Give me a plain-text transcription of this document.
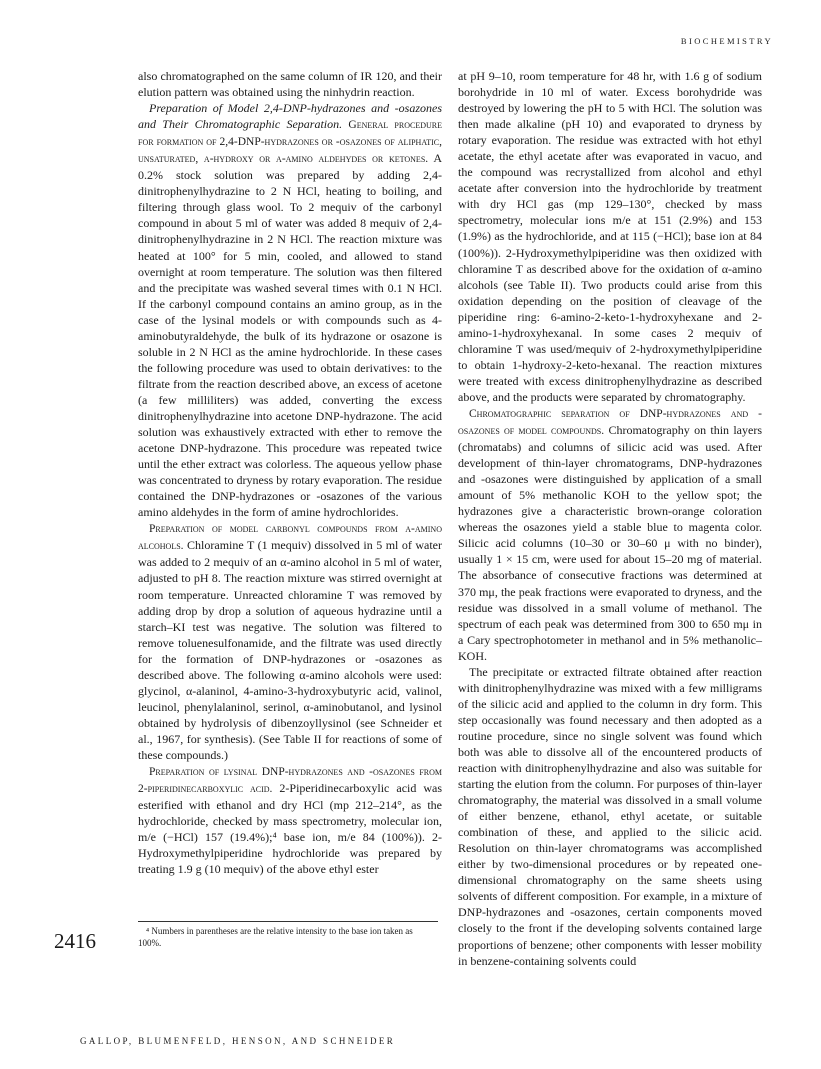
BIOCHEMISTRY

also chromatographed on the same column of IR 120, and their elution pattern was obtained using the ninhydrin reaction.

Preparation of Model 2,4-DNP-hydrazones and -osazones and Their Chromatographic Separation. General procedure for formation of 2,4-DNP-hydrazones or -osazones of aliphatic, unsaturated, α-hydroxy or α-amino aldehydes or ketones. A 0.2% stock solution was prepared by adding 2,4-dinitrophenylhydrazine to 2 N HCl, heating to boiling, and filtering through glass wool. To 2 mequiv of the carbonyl compound in about 5 ml of water was added 8 mequiv of 2,4-dinitrophenylhydrazine in 2 N HCl. The reaction mixture was heated at 100° for 5 min, cooled, and allowed to stand overnight at room temperature. The solution was then filtered and the precipitate was washed several times with 0.1 N HCl. If the carbonyl compound contains an amino group, as in the case of the lysinal models or with compounds such as 4-aminobutyraldehyde, the bulk of its hydrazone or osazone is soluble in 2 N HCl as the amine hydrochloride. In these cases the following procedure was used to obtain derivatives: to the filtrate from the reaction described above, an excess of acetone (a few milliliters) was added, converting the excess dinitrophenylhydrazine into acetone DNP-hydrazone. The acid solution was exhaustively extracted with ether to remove the acetone DNP-hydrazone. This procedure was repeated twice until the ether extract was colorless. The aqueous yellow phase was concentrated to dryness by rotary evaporation. The residue contained the DNP-hydrazones or -osazones of the various amino aldehydes in the form of amine hydrochlorides.

Preparation of model carbonyl compounds from α-amino alcohols. Chloramine T (1 mequiv) dissolved in 5 ml of water was added to 2 mequiv of an α-amino alcohol in 5 ml of water, adjusted to pH 8. The reaction mixture was stirred overnight at room temperature. Unreacted chloramine T was removed by adding drop by drop a solution of aqueous hydrazine until a starch–KI test was negative. The solution was filtered to remove toluenesulfonamide, and the filtrate was used directly for the formation of DNP-hydrazones or -osazones as described above. The following α-amino alcohols were used: glycinol, α-alaninol, 4-amino-3-hydroxybutyric acid, valinol, leucinol, phenylalaninol, serinol, α-aminobutanol, and lysinol obtained by hydrolysis of dibenzoyllysinol (see Schneider et al., 1967, for synthesis). (See Table II for reactions of some of these compounds.)

Preparation of lysinal DNP-hydrazones and -osazones from 2-piperidinecarboxylic acid. 2-Piperidinecarboxylic acid was esterified with ethanol and dry HCl (mp 212–214°, as the hydrochloride, checked by mass spectrometry, molecular ion, m/e (−HCl) 157 (19.4%);⁴ base ion, m/e 84 (100%)). 2-Hydroxymethylpiperidine hydrochloride was prepared by treating 1.9 g (10 mequiv) of the above ethyl ester

at pH 9–10, room temperature for 48 hr, with 1.6 g of sodium borohydride in 10 ml of water. Excess borohydride was destroyed by lowering the pH to 5 with HCl. The solution was then made alkaline (pH 10) and evaporated to dryness by rotary evaporation. The residue was extracted with hot ethyl acetate, the ethyl acetate after was evaporated in vacuo, and the compound was recrystallized from alcohol and ethyl acetate after conversion into the hydrochloride by treatment with dry HCl gas (mp 129–130°, checked by mass spectrometry, molecular ions m/e at 151 (2.9%) and 153 (1.9%) as the hydrochloride, and at 115 (−HCl); base ion at 84 (100%)). 2-Hydroxymethylpiperidine was then oxidized with chloramine T as described above for the oxidation of α-amino alcohols (see Table II). Two products could arise from this oxidation depending on the position of cleavage of the piperidine ring: 6-amino-2-keto-1-hydroxyhexane and 2-amino-1-hydroxyhexanal. In some cases 2 mequiv of chloramine T was used/mequiv of 2-hydroxymethylpiperidine to obtain 1-hydroxy-2-keto-hexanal. The reaction mixtures were treated with excess dinitrophenylhydrazine as described above, and the products were separated by chromatography.

Chromatographic separation of DNP-hydrazones and -osazones of model compounds. Chromatography on thin layers (chromatabs) and columns of silicic acid was used. After development of thin-layer chromatograms, DNP-hydrazones and -osazones were distinguished by application of a small amount of 5% methanolic KOH to the yellow spot; the hydrazones give a characteristic brown-orange coloration whereas the osazones yield a stable blue to magenta color. Silicic acid columns (10–30 or 30–60 μ with no binder), usually 1 × 15 cm, were used for about 15–20 mg of material. The absorbance of consecutive fractions was determined at 370 mμ, the peak fractions were evaporated to dryness, and the residue was dissolved in a small volume of methanol. The spectrum of each peak was determined from 300 to 650 mμ in a Cary spectrophotometer in methanol and in 5% methanolic–KOH.

The precipitate or extracted filtrate obtained after reaction with dinitrophenylhydrazine was mixed with a few milligrams of the silicic acid and applied to the column in dry form. This step occasionally was found necessary and then adopted as a routine procedure, since no single solvent was found which both was able to dissolve all of the encountered products of reaction with dinitrophenylhydrazine and also was suitable for starting the elution from the column. For purposes of thin-layer chromatography, the material was dissolved in a small volume of either benzene, ethanol, ethyl acetate, or suitable combination of these, and applied to the silicic acid. Resolution on thin-layer chromatograms was accomplished either by two-dimensional procedures or by repeated one-dimensional chromatography on the same sheets using solvents of different composition. For example, in a mixture of DNP-hydrazones and -osazones, certain components moved closely to the front if the developing solvents contained large proportions of benzene; other components with lesser mobility in benzene-containing solvents could

⁴ Numbers in parentheses are the relative intensity to the base ion taken as 100%.

2416
GALLOP, BLUMENFELD, HENSON, AND SCHNEIDER
